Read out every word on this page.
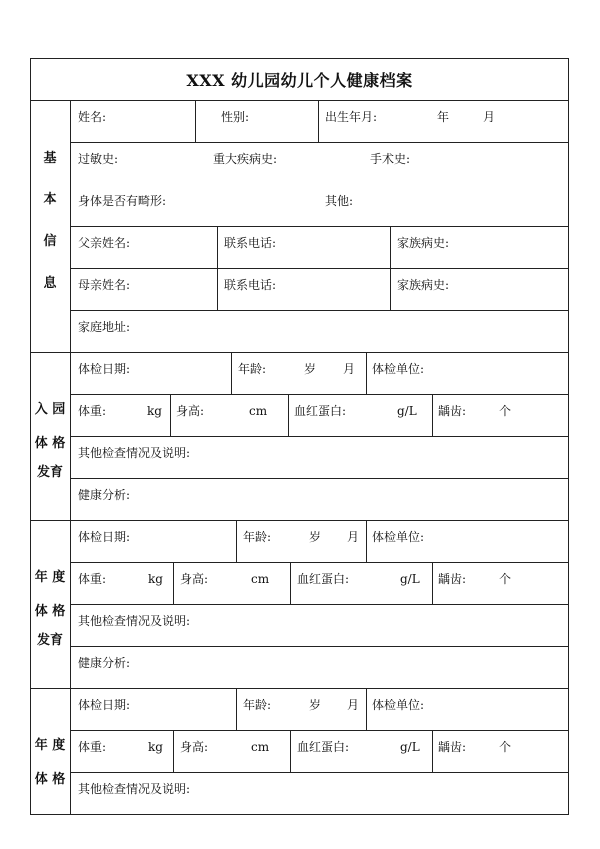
XXX 幼儿园幼儿个人健康档案
基
本
信
息
姓名:	性别:	出生年月:	年	月
过敏史:	重大疾病史:	手术史:
身体是否有畸形:	其他:
父亲姓名:	联系电话:	家族病史:
母亲姓名:	联系电话:	家族病史:
家庭地址:
入 园
体 格
发育
体检日期:	年龄:	岁 月 体检单位:
体重:	kg 身高:	cm 血红蛋白:	g/L 龋齿:	个
其他检查情况及说明:
健康分析:
年 度
体 格
发育
体检日期:	年龄:	岁 月 体检单位:
体重:	kg 身高:	cm 血红蛋白:	g/L 龋齿:	个
其他检查情况及说明:
健康分析:
年 度
体 格
体检日期:	年龄:	岁 月 体检单位:
体重:	kg 身高:	cm 血红蛋白:	g/L 龋齿:	个
其他检查情况及说明:
